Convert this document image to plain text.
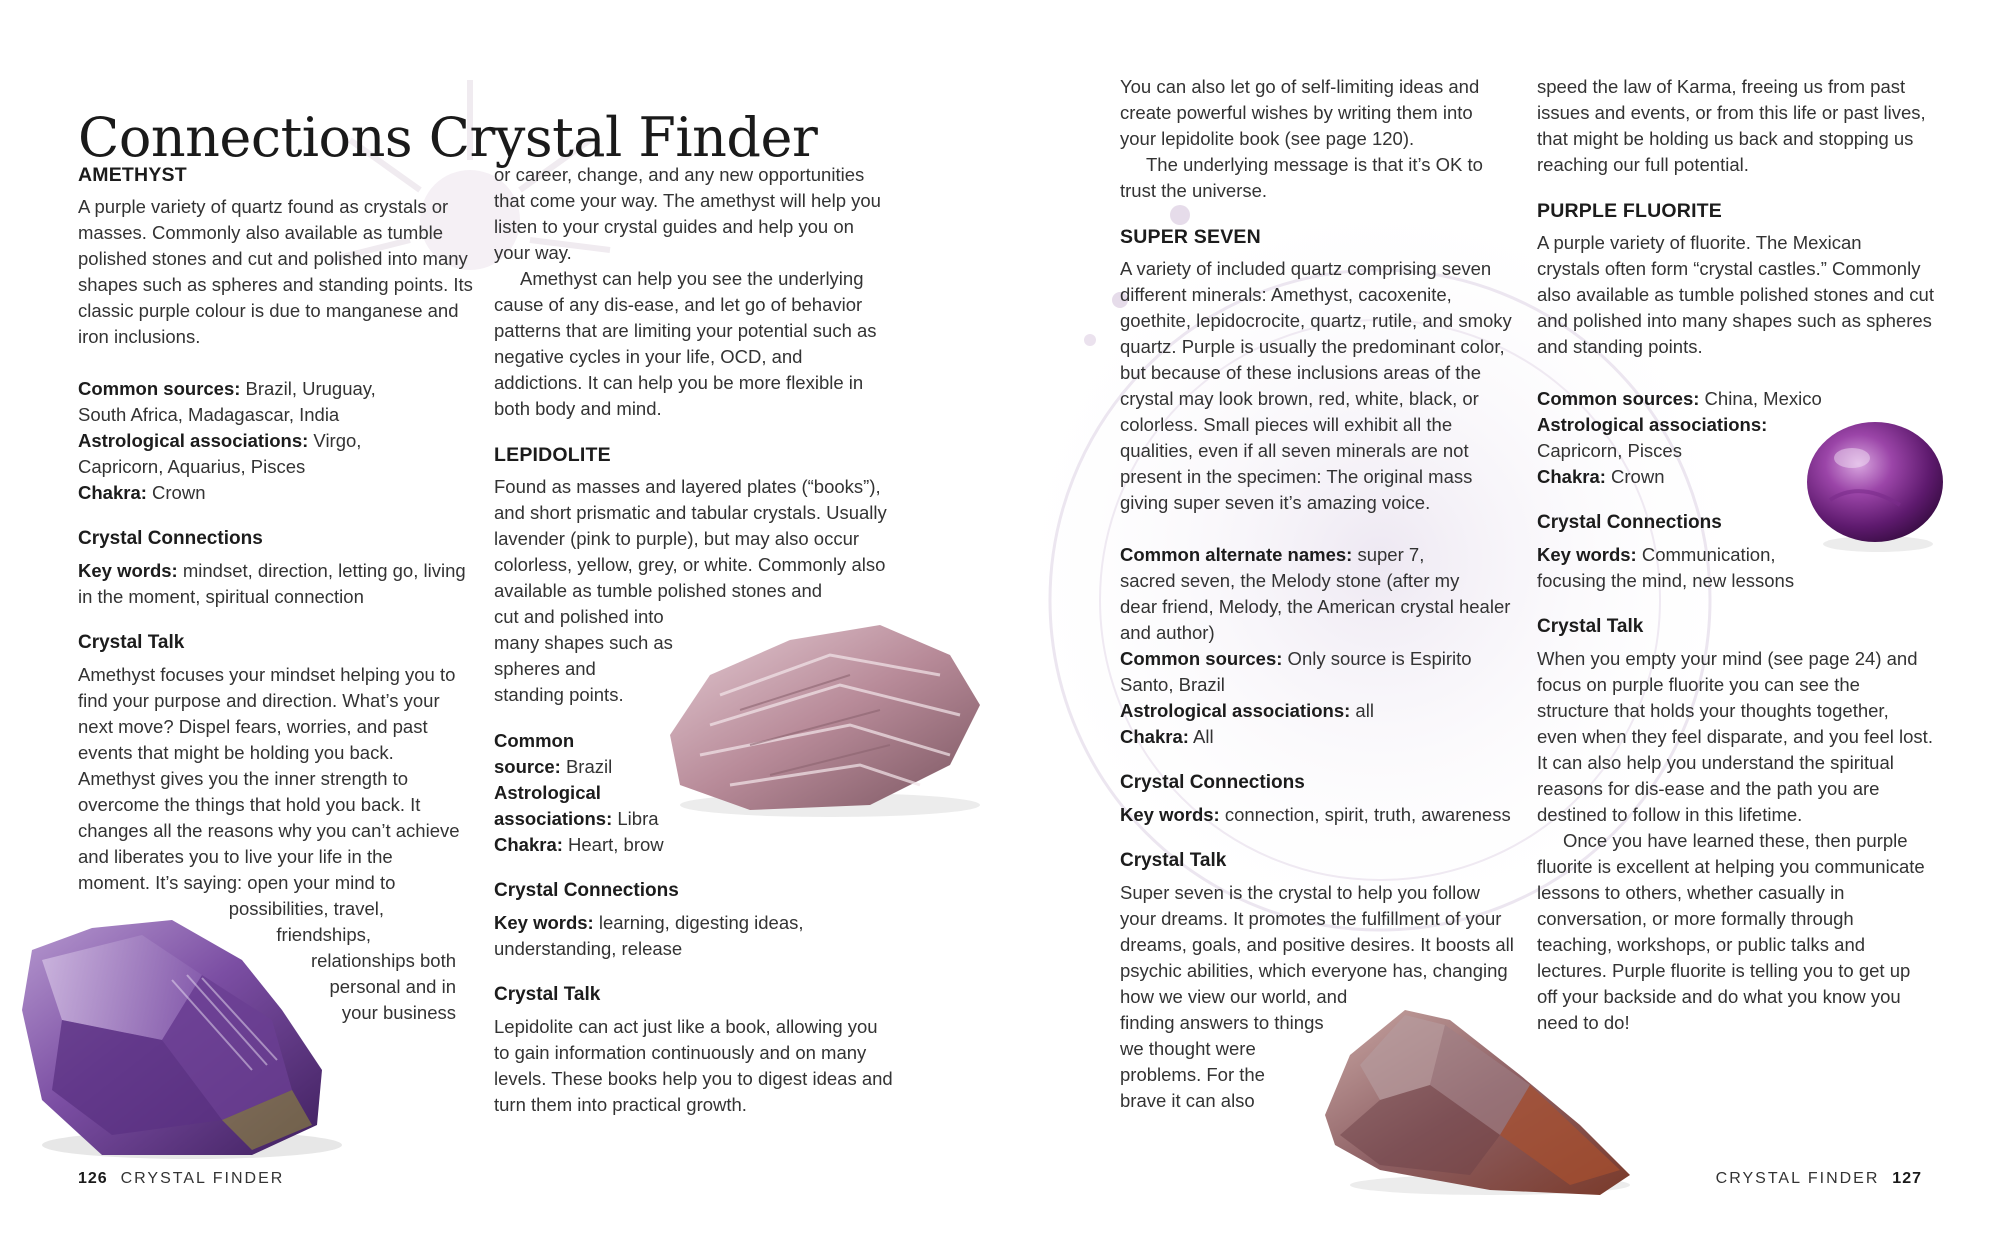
Connections Crystal Finder

AMETHYST

A purple variety of quartz found as crystals or

masses. Commonly also available as tumble

polished stones and cut and polished into many

shapes such as spheres and standing points. Its

classic purple colour is due to manganese and

iron inclusions.

Common sources: Brazil, Uruguay,

South Africa, Madagascar, India

Astrological associations: Virgo,

Capricorn, Aquarius, Pisces

Chakra: Crown

Crystal Connections

Key words: mindset, direction, letting go, living

in the moment, spiritual connection

Crystal Talk

Amethyst focuses your mindset helping you to

find your purpose and direction. What’s your

next move? Dispel fears, worries, and past

events that might be holding you back.

Amethyst gives you the inner strength to

overcome the things that hold you back. It

changes all the reasons why you can’t achieve

and liberates you to live your life in the

moment. It’s saying: open your mind to

possibilities, travel,

friendships,

relationships both

personal and in

your business

or career, change, and any new opportunities

that come your way. The amethyst will help you

listen to your crystal guides and help you on

your way.

Amethyst can help you see the underlying

cause of any dis-ease, and let go of behavior

patterns that are limiting your potential such as

negative cycles in your life, OCD, and

addictions. It can help you be more flexible in

both body and mind.

LEPIDOLITE

Found as masses and layered plates (“books”),

and short prismatic and tabular crystals. Usually

lavender (pink to purple), but may also occur

colorless, yellow, grey, or white. Commonly also

available as tumble polished stones and

cut and polished into

many shapes such as

spheres and

standing points.

Common

source: Brazil

Astrological

associations: Libra

Chakra: Heart, brow

Crystal Connections

Key words: learning, digesting ideas,

understanding, release

Crystal Talk

Lepidolite can act just like a book, allowing you

to gain information continuously and on many

levels. These books help you to digest ideas and

turn them into practical growth.

You can also let go of self-limiting ideas and

create powerful wishes by writing them into

your lepidolite book (see page 120).

The underlying message is that it’s OK to

trust the universe.

SUPER SEVEN

A variety of included quartz comprising seven

different minerals: Amethyst, cacoxenite,

goethite, lepidocrocite, quartz, rutile, and smoky

quartz. Purple is usually the predominant color,

but because of these inclusions areas of the

crystal may look brown, red, white, black, or

colorless. Small pieces will exhibit all the

qualities, even if all seven minerals are not

present in the specimen: The original mass

giving super seven it’s amazing voice.

Common alternate names: super 7,

sacred seven, the Melody stone (after my

dear friend, Melody, the American crystal healer

and author)

Common sources: Only source is Espirito

Santo, Brazil

Astrological associations: all

Chakra: All

Crystal Connections

Key words: connection, spirit, truth, awareness

Crystal Talk

Super seven is the crystal to help you follow

your dreams. It promotes the fulfillment of your

dreams, goals, and positive desires. It boosts all

psychic abilities, which everyone has, changing

how we view our world, and

finding answers to things

we thought were

problems. For the

brave it can also

speed the law of Karma, freeing us from past

issues and events, or from this life or past lives,

that might be holding us back and stopping us

reaching our full potential.

PURPLE FLUORITE

A purple variety of fluorite. The Mexican

crystals often form “crystal castles.” Commonly

also available as tumble polished stones and cut

and polished into many shapes such as spheres

and standing points.

Common sources: China, Mexico

Astrological associations:

Capricorn, Pisces

Chakra: Crown

Crystal Connections

Key words: Communication,

focusing the mind, new lessons

Crystal Talk

When you empty your mind (see page 24) and

focus on purple fluorite you can see the

structure that holds your thoughts together,

even when they feel disparate, and you feel lost.

It can also help you understand the spiritual

reasons for dis-ease and the path you are

destined to follow in this lifetime.

Once you have learned these, then purple

fluorite is excellent at helping you communicate

lessons to others, whether casually in

conversation, or more formally through

teaching, workshops, or public talks and

lectures. Purple fluorite is telling you to get up

off your backside and do what you know you

need to do!

126 CRYSTAL FINDER	CRYSTAL FINDER 127
